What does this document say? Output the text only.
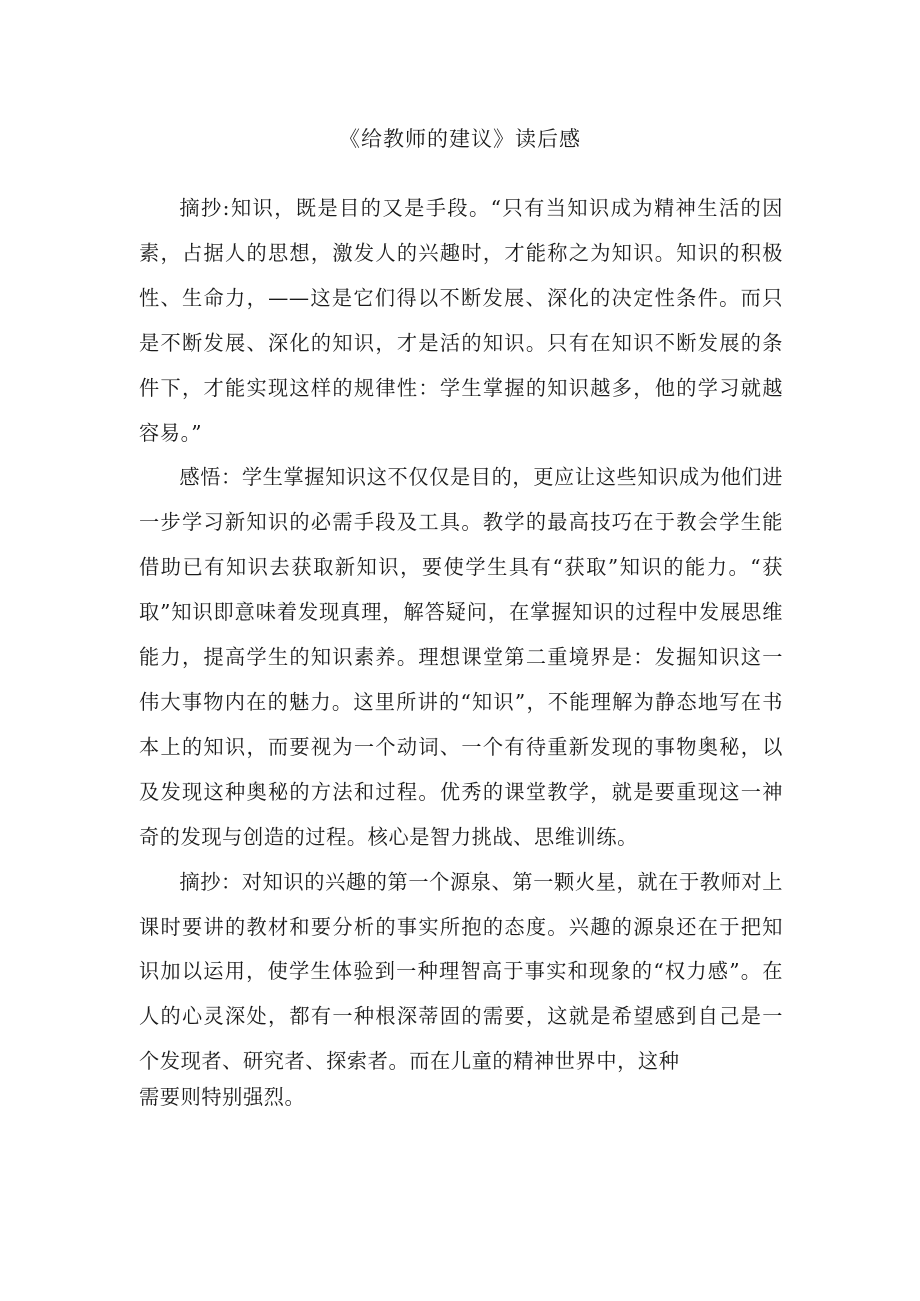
《给教师的建议》读后感

摘抄:知识，既是目的又是手段。“只有当知识成为精神生活的因素，占据人的思想，激发人的兴趣时，才能称之为知识。知识的积极性、生命力，——这是它们得以不断发展、深化的决定性条件。而只是不断发展、深化的知识，才是活的知识。只有在知识不断发展的条件下，才能实现这样的规律性：学生掌握的知识越多，他的学习就越容易。”

感悟：学生掌握知识这不仅仅是目的，更应让这些知识成为他们进一步学习新知识的必需手段及工具。教学的最高技巧在于教会学生能借助已有知识去获取新知识，要使学生具有“获取”知识的能力。“获取”知识即意味着发现真理，解答疑问，在掌握知识的过程中发展思维能力，提高学生的知识素养。理想课堂第二重境界是：发掘知识这一伟大事物内在的魅力。这里所讲的“知识”，不能理解为静态地写在书本上的知识，而要视为一个动词、一个有待重新发现的事物奥秘，以及发现这种奥秘的方法和过程。优秀的课堂教学，就是要重现这一神奇的发现与创造的过程。核心是智力挑战、思维训练。

摘抄：对知识的兴趣的第一个源泉、第一颗火星，就在于教师对上课时要讲的教材和要分析的事实所抱的态度。兴趣的源泉还在于把知识加以运用，使学生体验到一种理智高于事实和现象的“权力感”。在人的心灵深处，都有一种根深蒂固的需要，这就是希望感到自己是一个发现者、研究者、探索者。而在儿童的精神世界中，这种

需要则特别强烈。
